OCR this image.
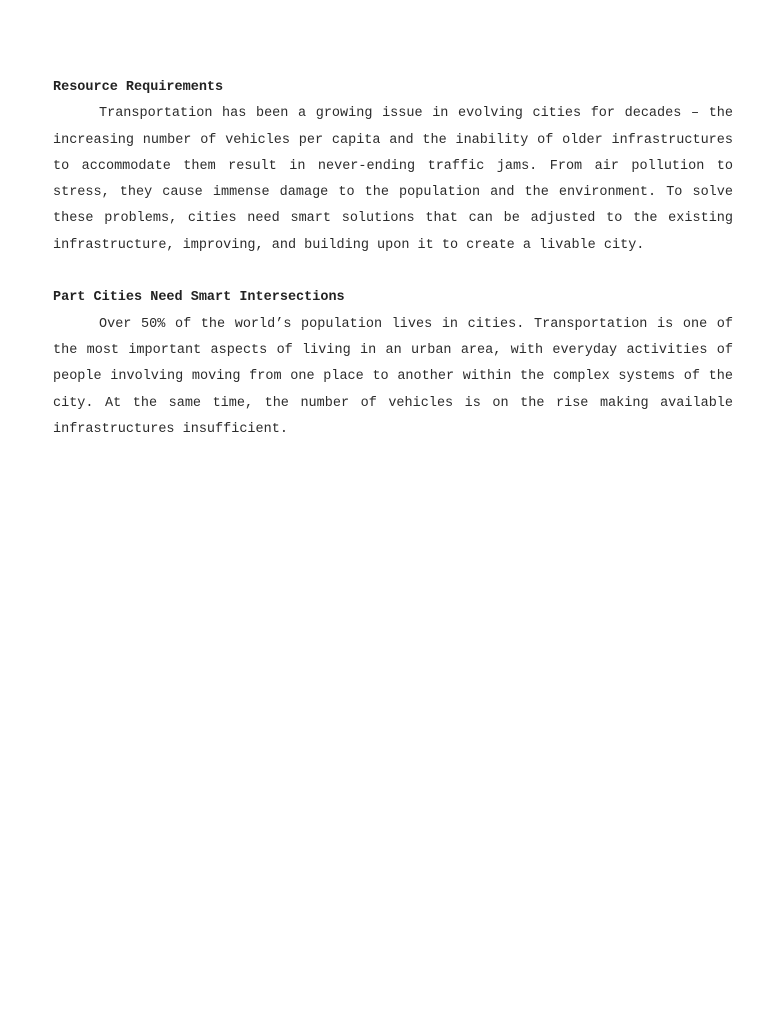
Resource Requirements

Transportation has been a growing issue in evolving cities for decades – the increasing number of vehicles per capita and the inability of older infrastructures to accommodate them result in never-ending traffic jams. From air pollution to stress, they cause immense damage to the population and the environment. To solve these problems, cities need smart solutions that can be adjusted to the existing infrastructure, improving, and building upon it to create a livable city.

Part Cities Need Smart Intersections

Over 50% of the world’s population lives in cities. Transportation is one of the most important aspects of living in an urban area, with everyday activities of people involving moving from one place to another within the complex systems of the city. At the same time, the number of vehicles is on the rise making available infrastructures insufficient.
